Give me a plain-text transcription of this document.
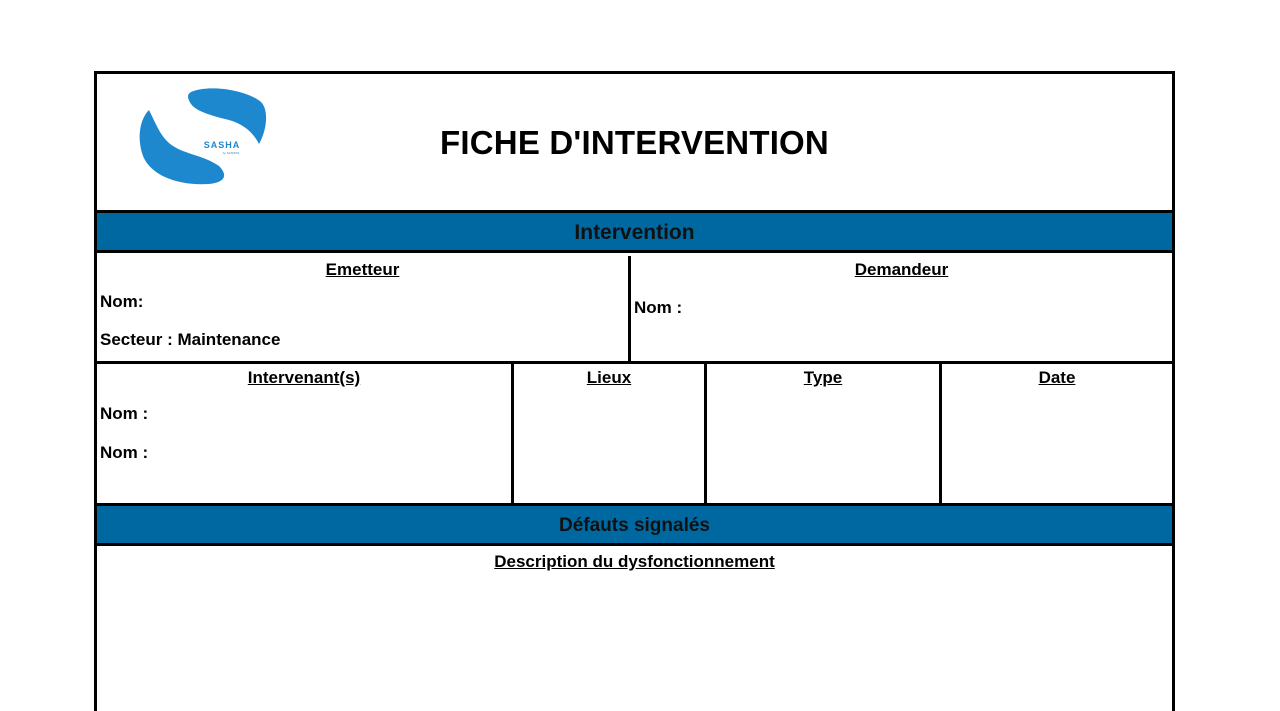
SASHA
by SANITAS	FICHE D'INTERVENTION
Intervention
Emetteur
Nom:
Secteur : Maintenance
Demandeur
Nom :
Intervenant(s)
Nom :
Nom :
Lieux	Type	Date
Défauts signalés
Description du dysfonctionnement
